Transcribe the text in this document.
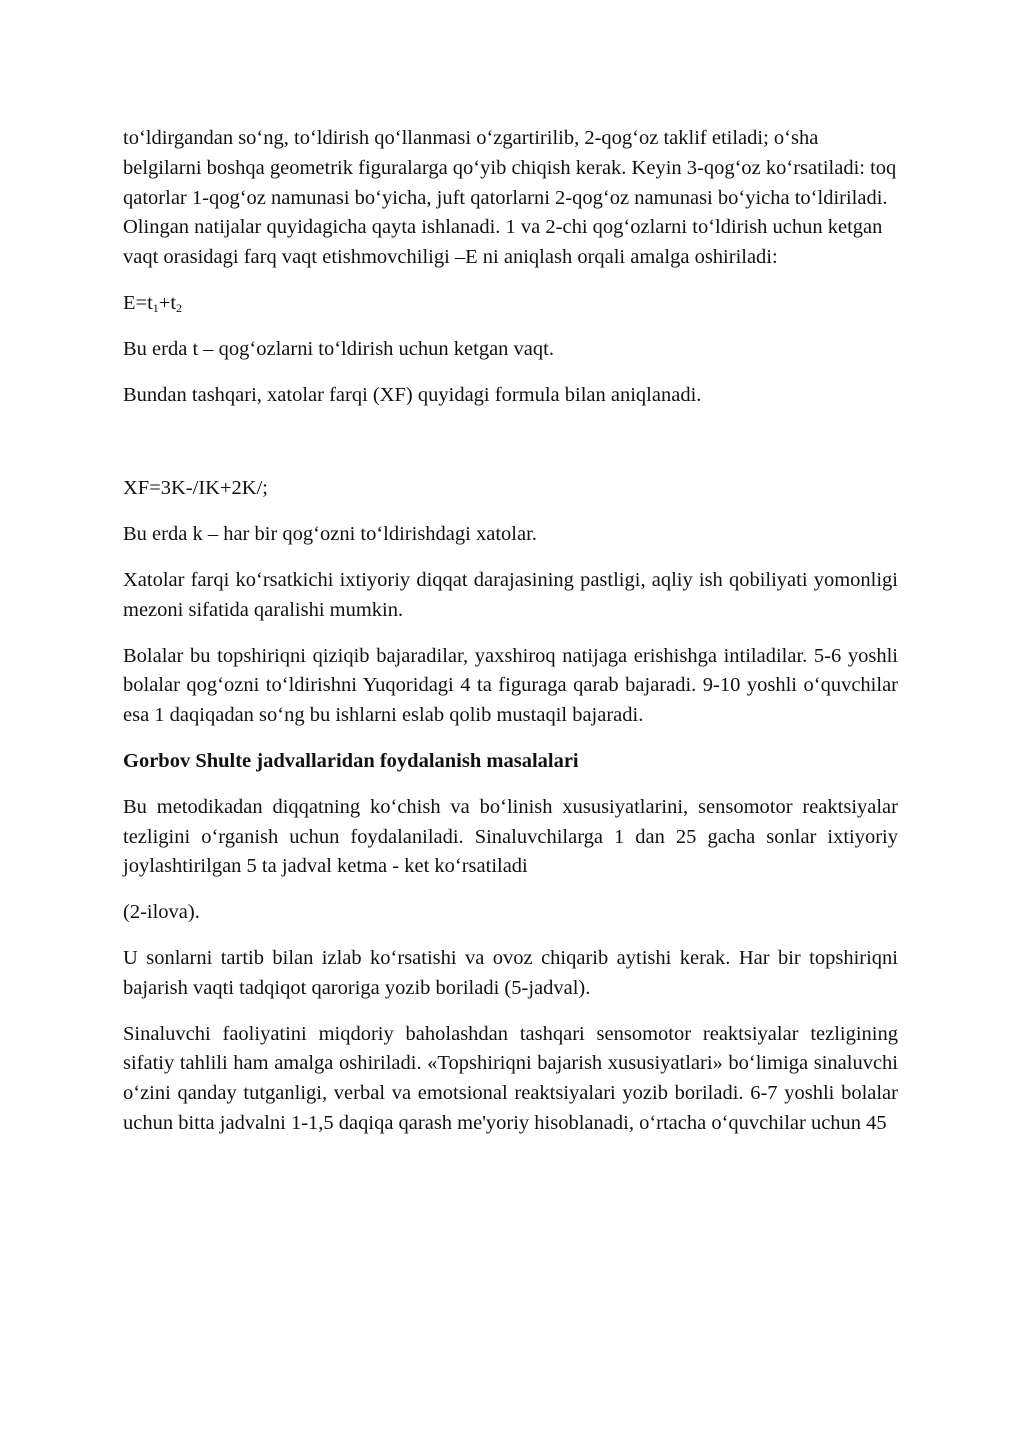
to‘ldirgandan so‘ng, to‘ldirish qo‘llanmasi o‘zgartirilib, 2-qog‘oz taklif etiladi; o‘sha belgilarni boshqa geometrik figuralarga qo‘yib chiqish kerak. Keyin 3-qog‘oz ko‘rsatiladi: toq qatorlar 1-qog‘oz namunasi bo‘yicha, juft qatorlarni 2-qog‘oz namunasi bo‘yicha to‘ldiriladi. Olingan natijalar quyidagicha qayta ishlanadi. 1 va 2-chi qog‘ozlarni to‘ldirish uchun ketgan vaqt orasidagi farq vaqt etishmovchiligi –E ni aniqlash orqali amalga oshiriladi:

$E=t_1+t_2$

Bu erda t – qog‘ozlarni to‘ldirish uchun ketgan vaqt.

Bundan tashqari, xatolar farqi (XF) quyidagi formula bilan aniqlanadi.

XF=3K-/IK+2K/;

Bu erda k – har bir qog‘ozni to‘ldirishdagi xatolar.

Xatolar farqi ko‘rsatkichi ixtiyoriy diqqat darajasining pastligi, aqliy ish qobiliyati yomonligi mezoni sifatida qaralishi mumkin.

Bolalar bu topshiriqni qiziqib bajaradilar, yaxshiroq natijaga erishishga intiladilar. 5-6 yoshli bolalar qog‘ozni to‘ldirishni Yuqoridagi 4 ta figuraga qarab bajaradi. 9-10 yoshli o‘quvchilar esa 1 daqiqadan so‘ng bu ishlarni eslab qolib mustaqil bajaradi.

Gorbov Shulte jadvallaridan foydalanish masalalari

Bu metodikadan diqqatning ko‘chish va bo‘linish xususiyatlarini, sensomotor reaktsiyalar tezligini o‘rganish uchun foydalaniladi. Sinaluvchilarga 1 dan 25 gacha sonlar ixtiyoriy joylashtirilgan 5 ta jadval ketma - ket ko‘rsatiladi

(2-ilova).

U sonlarni tartib bilan izlab ko‘rsatishi va ovoz chiqarib aytishi kerak. Har bir topshiriqni bajarish vaqti tadqiqot qaroriga yozib boriladi (5-jadval).

Sinaluvchi faoliyatini miqdoriy baholashdan tashqari sensomotor reaktsiyalar tezligining sifatiy tahlili ham amalga oshiriladi. «Topshiriqni bajarish xususiyatlari» bo‘limiga sinaluvchi o‘zini qanday tutganligi, verbal va emotsional reaktsiyalari yozib boriladi. 6-7 yoshli bolalar uchun bitta jadvalni 1-1,5 daqiqa qarash me'yoriy hisoblanadi, o‘rtacha o‘quvchilar uchun 45
